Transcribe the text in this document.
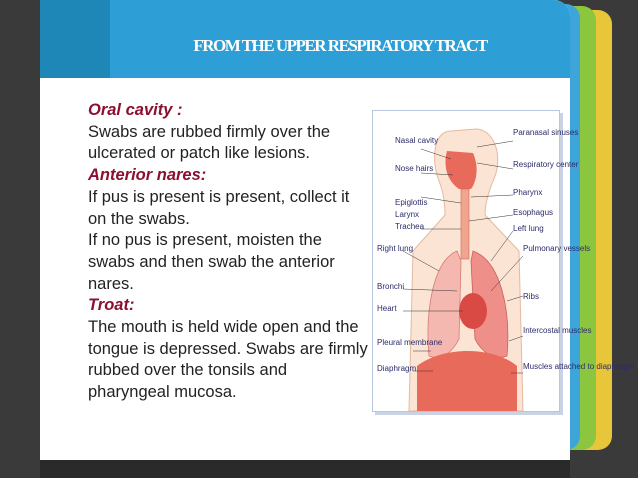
FROM THE UPPER RESPIRATORY TRACT

Oral cavity :

Swabs are rubbed firmly over the ulcerated or patch like lesions.

Anterior nares:

If pus is present is present, collect it on the swabs.

If no pus is present, moisten the swabs and then swab the anterior nares.

Troat:

The mouth is held wide open and the tongue is depressed. Swabs are firmly rubbed over the tonsils and pharyngeal mucosa.

Nasal cavity
Nose hairs
Epiglottis
Larynx
Trachea
Right lung
Bronchi
Heart
Pleural membrane
Diaphragm
Paranasal sinuses
Respiratory center
Pharynx
Esophagus
Left lung
Pulmonary vessels
Ribs
Intercostal muscles
Muscles attached to diaphragm
